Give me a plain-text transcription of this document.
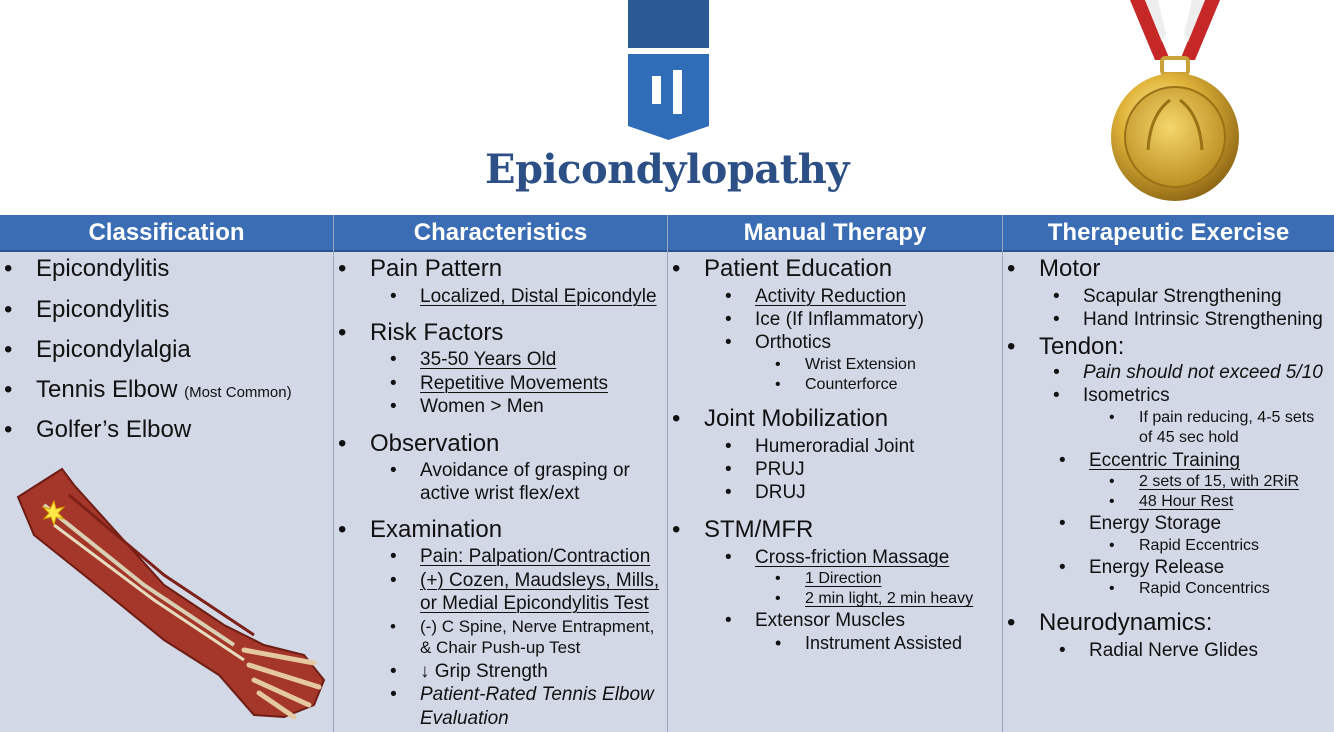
Epicondylopathy
Classification
• Epicondylitis
• Epicondylitis
• Epicondylalgia
• Tennis Elbow (Most Common)
• Golfer’s Elbow
Characteristics
• Pain Pattern
• Localized, Distal Epicondyle
• Risk Factors
• 35-50 Years Old
• Repetitive Movements
• Women > Men
• Observation
• Avoidance of grasping or
active wrist flex/ext
• Examination
• Pain: Palpation/Contraction
• (+) Cozen, Maudsleys, Mills,
or Medial Epicondylitis Test
• (-) C Spine, Nerve Entrapment,
& Chair Push-up Test
• ↓ Grip Strength
• Patient-Rated Tennis Elbow
Evaluation
Manual Therapy
• Patient Education
• Activity Reduction
• Ice (If Inflammatory)
• Orthotics
• Wrist Extension
• Counterforce
• Joint Mobilization
• Humeroradial Joint
• PRUJ
• DRUJ
• STM/MFR
• Cross-friction Massage
• 1 Direction
• 2 min light, 2 min heavy
• Extensor Muscles
• Instrument Assisted
Therapeutic Exercise
• Motor
• Scapular Strengthening
• Hand Intrinsic Strengthening
• Tendon:
• Pain should not exceed 5/10
• Isometrics
• If pain reducing, 4-5 sets
of 45 sec hold
• Eccentric Training
• 2 sets of 15, with 2RiR
• 48 Hour Rest
• Energy Storage
• Rapid Eccentrics
• Energy Release
• Rapid Concentrics
• Neurodynamics:
• Radial Nerve Glides
